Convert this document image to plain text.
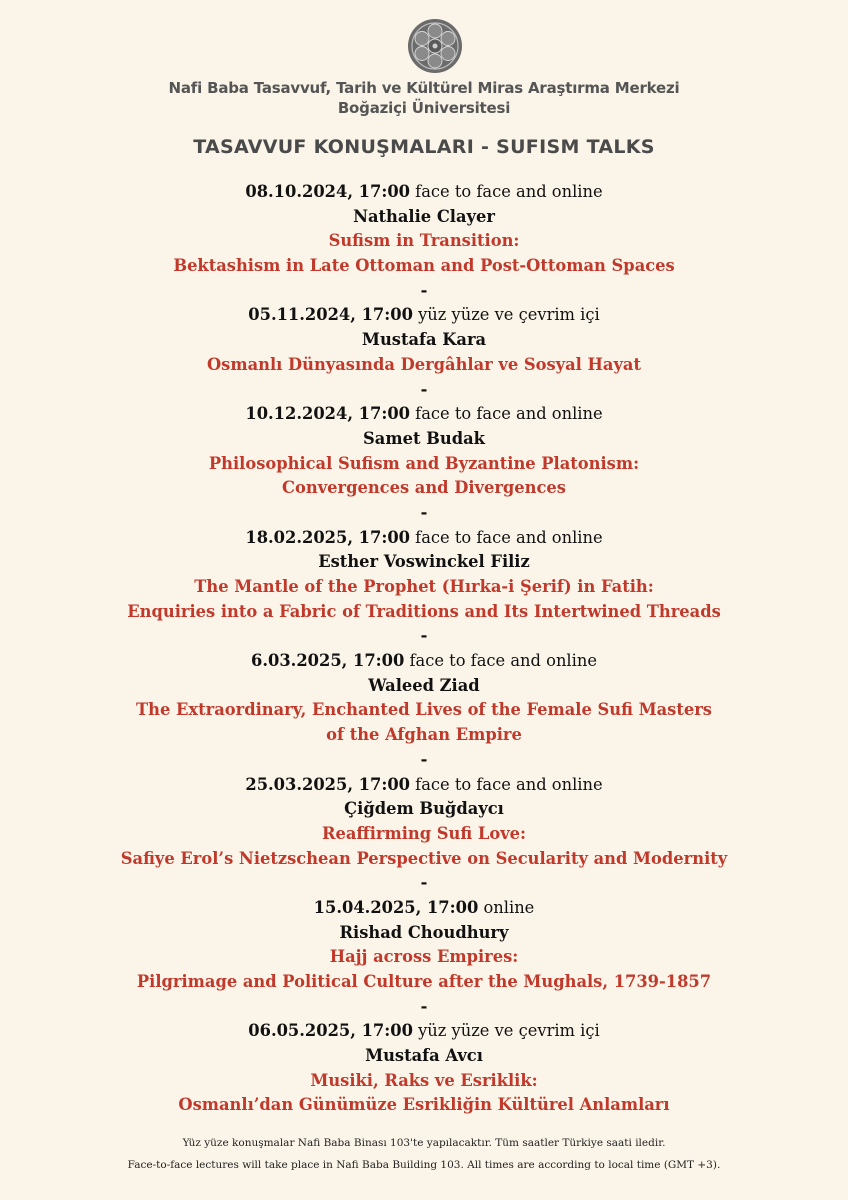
Nafi Baba Tasavvuf, Tarih ve Kültürel Miras Araştırma Merkezi
Boğaziçi Üniversitesi
TASAVVUF KONUŞMALARI - SUFISM TALKS
08.10.2024, 17:00 face to face and online
Nathalie Clayer
Sufism in Transition:
Bektashism in Late Ottoman and Post-Ottoman Spaces
-
05.11.2024, 17:00 yüz yüze ve çevrim içi
Mustafa Kara
Osmanlı Dünyasında Dergâhlar ve Sosyal Hayat
-
10.12.2024, 17:00 face to face and online
Samet Budak
Philosophical Sufism and Byzantine Platonism:
Convergences and Divergences
-
18.02.2025, 17:00 face to face and online
Esther Voswinckel Filiz
The Mantle of the Prophet (Hırka-i Şerif) in Fatih:
Enquiries into a Fabric of Traditions and Its Intertwined Threads
-
6.03.2025, 17:00 face to face and online
Waleed Ziad
The Extraordinary, Enchanted Lives of the Female Sufi Masters
of the Afghan Empire
-
25.03.2025, 17:00 face to face and online
Çiğdem Buğdaycı
Reaffirming Sufi Love:
Safiye Erol’s Nietzschean Perspective on Secularity and Modernity
-
15.04.2025, 17:00 online
Rishad Choudhury
Hajj across Empires:
Pilgrimage and Political Culture after the Mughals, 1739-1857
-
06.05.2025, 17:00 yüz yüze ve çevrim içi
Mustafa Avcı
Musiki, Raks ve Esriklik:
Osmanlı’dan Günümüze Esrikliğin Kültürel Anlamları
Yüz yüze konuşmalar Nafi Baba Binası 103'te yapılacaktır. Tüm saatler Türkiye saati iledir.
Face-to-face lectures will take place in Nafi Baba Building 103. All times are according to local time (GMT +3).
